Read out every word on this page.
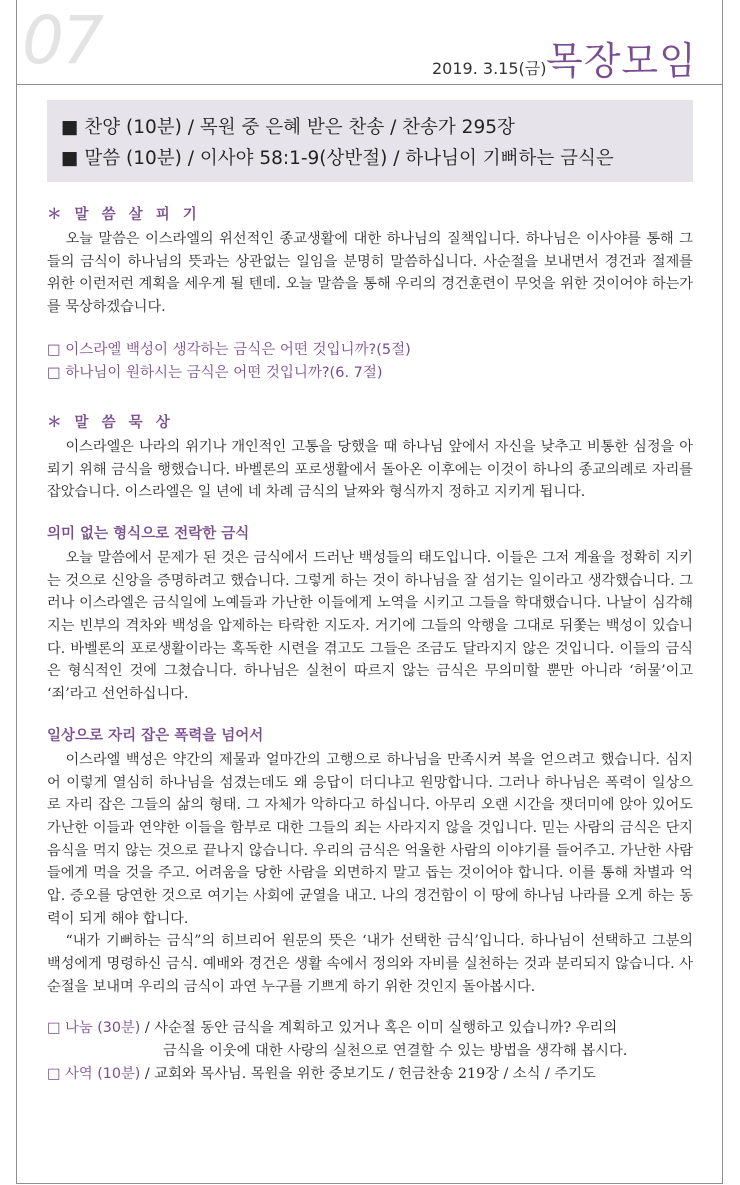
07	2019. 3.15(금) 목장모임
■ 찬양 (10분) / 목원 중 은혜 받은 찬송 / 찬송가 295장
■ 말씀 (10분) / 이사야 58:1-9(상반절) / 하나님이 기뻐하는 금식은
＊ 말 씀 살 피 기
오늘 말씀은 이스라엘의 위선적인 종교생활에 대한 하나님의 질책입니다. 하나님은 이사야를 통해 그들의 금식이 하나님의 뜻과는 상관없는 일임을 분명히 말씀하십니다. 사순절을 보내면서 경건과 절제를 위한 이런저런 계획을 세우게 될 텐데. 오늘 말씀을 통해 우리의 경건훈련이 무엇을 위한 것이어야 하는가를 묵상하겠습니다.
□ 이스라엘 백성이 생각하는 금식은 어떤 것입니까?(5절)
□ 하나님이 원하시는 금식은 어떤 것입니까?(6. 7절)
＊ 말 씀 묵 상
이스라엘은 나라의 위기나 개인적인 고통을 당했을 때 하나님 앞에서 자신을 낮추고 비통한 심정을 아뢰기 위해 금식을 행했습니다. 바벨론의 포로생활에서 돌아온 이후에는 이것이 하나의 종교의례로 자리를 잡았습니다. 이스라엘은 일 년에 네 차례 금식의 날짜와 형식까지 정하고 지키게 됩니다.
의미 없는 형식으로 전락한 금식
오늘 말씀에서 문제가 된 것은 금식에서 드러난 백성들의 태도입니다. 이들은 그저 계율을 정확히 지키는 것으로 신앙을 증명하려고 했습니다. 그렇게 하는 것이 하나님을 잘 섬기는 일이라고 생각했습니다. 그러나 이스라엘은 금식일에 노예들과 가난한 이들에게 노역을 시키고 그들을 학대했습니다. 나날이 심각해지는 빈부의 격차와 백성을 압제하는 타락한 지도자. 거기에 그들의 악행을 그대로 뒤쫓는 백성이 있습니다. 바벨론의 포로생활이라는 혹독한 시련을 겪고도 그들은 조금도 달라지지 않은 것입니다. 이들의 금식은 형식적인 것에 그쳤습니다. 하나님은 실천이 따르지 않는 금식은 무의미할 뿐만 아니라 ‘허물’이고 ‘죄’라고 선언하십니다.
일상으로 자리 잡은 폭력을 넘어서
이스라엘 백성은 약간의 제물과 얼마간의 고행으로 하나님을 만족시켜 복을 얻으려고 했습니다. 심지어 이렇게 열심히 하나님을 섬겼는데도 왜 응답이 더디냐고 원망합니다. 그러나 하나님은 폭력이 일상으로 자리 잡은 그들의 삶의 형태. 그 자체가 악하다고 하십니다. 아무리 오랜 시간을 잿더미에 앉아 있어도 가난한 이들과 연약한 이들을 함부로 대한 그들의 죄는 사라지지 않을 것입니다. 믿는 사람의 금식은 단지 음식을 먹지 않는 것으로 끝나지 않습니다. 우리의 금식은 억울한 사람의 이야기를 들어주고. 가난한 사람들에게 먹을 것을 주고. 어려움을 당한 사람을 외면하지 말고 돕는 것이어야 합니다. 이를 통해 차별과 억압. 증오를 당연한 것으로 여기는 사회에 균열을 내고. 나의 경건함이 이 땅에 하나님 나라를 오게 하는 동력이 되게 해야 합니다.
“내가 기뻐하는 금식”의 히브리어 원문의 뜻은 ‘내가 선택한 금식’입니다. 하나님이 선택하고 그분의 백성에게 명령하신 금식. 예배와 경건은 생활 속에서 정의와 자비를 실천하는 것과 분리되지 않습니다. 사순절을 보내며 우리의 금식이 과연 누구를 기쁘게 하기 위한 것인지 돌아봅시다.
□ 나눔 (30분) / 사순절 동안 금식을 계획하고 있거나 혹은 이미 실행하고 있습니까? 우리의
금식을 이웃에 대한 사랑의 실천으로 연결할 수 있는 방법을 생각해 봅시다.
□ 사역 (10분) / 교회와 목사님. 목원을 위한 중보기도 / 헌금찬송 219장 / 소식 / 주기도
